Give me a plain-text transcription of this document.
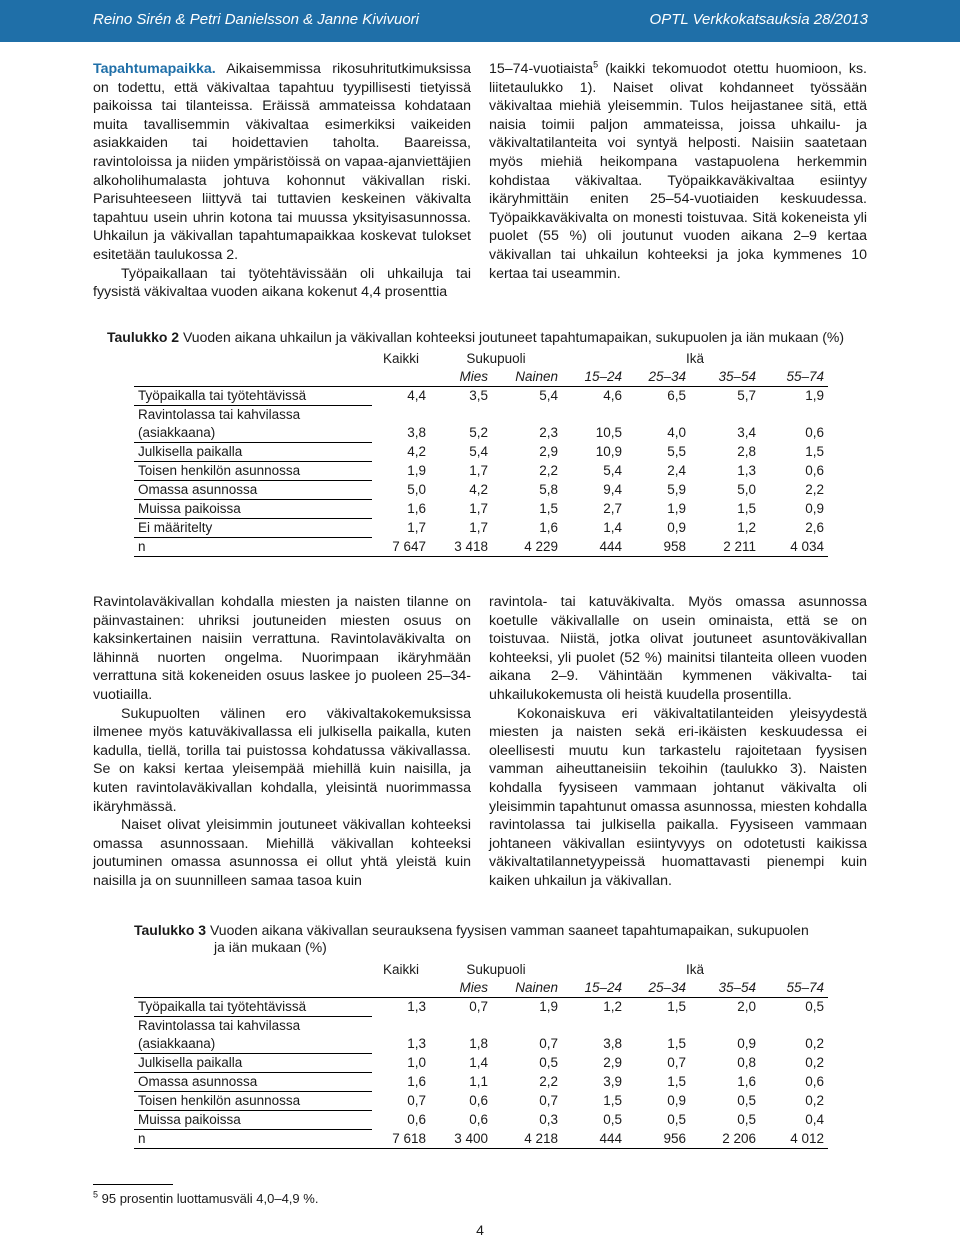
Reino Sirén & Petri Danielsson & Janne Kivivuori	OPTL Verkkokatsauksia 28/2013

Tapahtumapaikka. Aikaisemmissa rikosuhritutkimuksissa on todettu, että väkivaltaa tapahtuu tyypillisesti tietyissä paikoissa tai tilanteissa. Eräissä ammateissa kohdataan muita tavallisemmin väkivaltaa esimerkiksi vaikeiden asiakkaiden tai hoidettavien taholta. Baareissa, ravintoloissa ja niiden ympäristöissä on vapaa-ajanviettäjien alkoholihumalasta johtuva kohonnut väkivallan riski. Parisuhteeseen liittyvä tai tuttavien keskeinen väkivalta tapahtuu usein uhrin kotona tai muussa yksityisasunnossa. Uhkailun ja väkivallan tapahtumapaikkaa koskevat tulokset esitetään taulukossa 2.

Työpaikallaan tai työtehtävissään oli uhkailuja tai fyysistä väkivaltaa vuoden aikana kokenut 4,4 prosenttia

15–74-vuotiaista$^5$ (kaikki tekomuodot otettu huomioon, ks. liitetaulukko 1). Naiset olivat kohdanneet työssään väkivaltaa miehiä yleisemmin. Tulos heijastanee sitä, että naisia toimii paljon ammateissa, joissa uhkailu- ja väkivaltatilanteita voi syntyä helposti. Naisiin saatetaan myös miehiä heikompana vastapuolena herkemmin kohdistaa väkivaltaa. Työpaikkaväkivaltaa esiintyy ikäryhmittäin eniten 25–54-vuotiaiden keskuudessa. Työpaikkaväkivalta on monesti toistuvaa. Sitä kokeneista yli puolet (55 %) oli joutunut vuoden aikana 2–9 kertaa väkivallan tai uhkailun kohteeksi ja joka kymmenes 10 kertaa tai useammin.

Taulukko 2 Vuoden aikana uhkailun ja väkivallan kohteeksi joutuneet tapahtumapaikan, sukupuolen ja iän mukaan (%)
	Kaikki	Sukupuoli		Ikä			
		Mies	Nainen	15–24	25–34	35–54	55–74
Työpaikalla tai työtehtävissä	4,4	3,5	5,4	4,6	6,5	5,7	1,9
Ravintolassa tai kahvilassa							
(asiakkaana)	3,8	5,2	2,3	10,5	4,0	3,4	0,6
Julkisella paikalla	4,2	5,4	2,9	10,9	5,5	2,8	1,5
Toisen henkilön asunnossa	1,9	1,7	2,2	5,4	2,4	1,3	0,6
Omassa asunnossa	5,0	4,2	5,8	9,4	5,9	5,0	2,2
Muissa paikoissa	1,6	1,7	1,5	2,7	1,9	1,5	0,9
Ei määritelty	1,7	1,7	1,6	1,4	0,9	1,2	2,6
n	7 647	3 418	4 229	444	958	2 211	4 034

Ravintolaväkivallan kohdalla miesten ja naisten tilanne on päinvastainen: uhriksi joutuneiden miesten osuus on kaksinkertainen naisiin verrattuna. Ravintolaväkivalta on lähinnä nuorten ongelma. Nuorimpaan ikäryhmään verrattuna sitä kokeneiden osuus laskee jo puoleen 25–34-vuotiailla.

Sukupuolten välinen ero väkivaltakokemuksissa ilmenee myös katuväkivallassa eli julkisella paikalla, kuten kadulla, tiellä, torilla tai puistossa kohdatussa väkivallassa. Se on kaksi kertaa yleisempää miehillä kuin naisilla, ja kuten ravintolaväkivallan kohdalla, yleisintä nuorimmassa ikäryhmässä.

Naiset olivat yleisimmin joutuneet väkivallan kohteeksi omassa asunnossaan. Miehillä väkivallan kohteeksi joutuminen omassa asunnossa ei ollut yhtä yleistä kuin naisilla ja on suunnilleen samaa tasoa kuin

ravintola- tai katuväkivalta. Myös omassa asunnossa koetulle väkivallalle on usein ominaista, että se on toistuvaa. Niistä, jotka olivat joutuneet asuntoväkivallan kohteeksi, yli puolet (52 %) mainitsi tilanteita olleen vuoden aikana 2–9. Vähintään kymmenen väkivalta- tai uhkailukokemusta oli heistä kuudella prosentilla.

Kokonaiskuva eri väkivaltatilanteiden yleisyydestä miesten ja naisten sekä eri-ikäisten keskuudessa ei oleellisesti muutu kun tarkastelu rajoitetaan fyysisen vamman aiheuttaneisiin tekoihin (taulukko 3). Naisten kohdalla fyysiseen vammaan johtanut väkivalta oli yleisimmin tapahtunut omassa asunnossa, miesten kohdalla ravintolassa tai julkisella paikalla. Fyysiseen vammaan johtaneen väkivallan esiintyvyys on odotetusti kaikissa väkivaltatilannetyypeissä huomattavasti pienempi kuin kaiken uhkailun ja väkivallan.

Taulukko 3 Vuoden aikana väkivallan seurauksena fyysisen vamman saaneet tapahtumapaikan, sukupuolen
ja iän mukaan (%)
	Kaikki	Sukupuoli		Ikä			
		Mies	Nainen	15–24	25–34	35–54	55–74
Työpaikalla tai työtehtävissä	1,3	0,7	1,9	1,2	1,5	2,0	0,5
Ravintolassa tai kahvilassa							
(asiakkaana)	1,3	1,8	0,7	3,8	1,5	0,9	0,2
Julkisella paikalla	1,0	1,4	0,5	2,9	0,7	0,8	0,2
Omassa asunnossa	1,6	1,1	2,2	3,9	1,5	1,6	0,6
Toisen henkilön asunnossa	0,7	0,6	0,7	1,5	0,9	0,5	0,2
Muissa paikoissa	0,6	0,6	0,3	0,5	0,5	0,5	0,4
n	7 618	3 400	4 218	444	956	2 206	4 012
$^5$ 95 prosentin luottamusväli 4,0–4,9 %.
4
